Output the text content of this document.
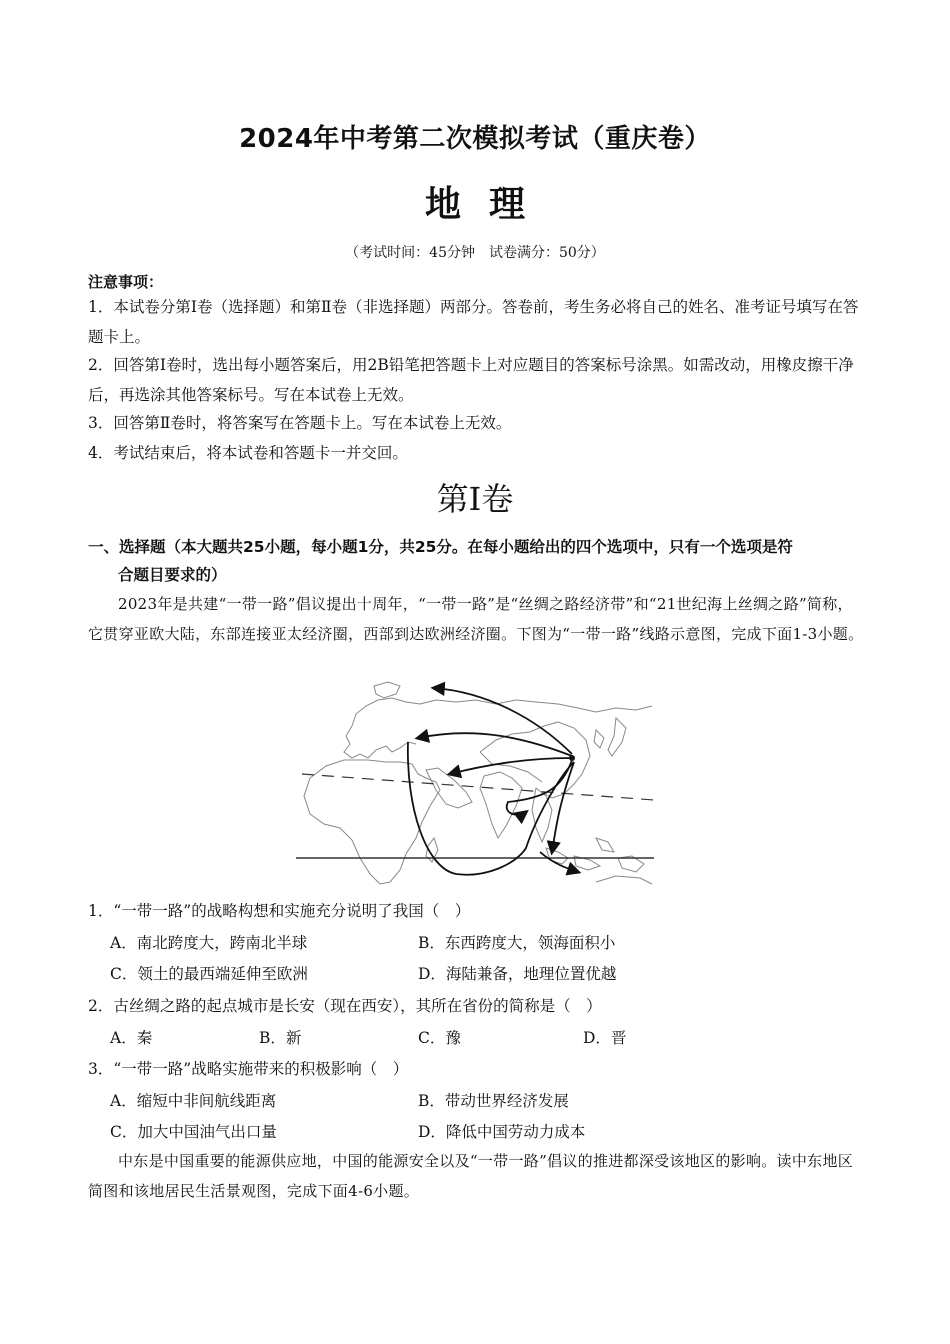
2024年中考第二次模拟考试（重庆卷）
地理
（考试时间：45分钟　试卷满分：50分）
注意事项：
1．本试卷分第Ⅰ卷（选择题）和第Ⅱ卷（非选择题）两部分。答卷前，考生务必将自己的姓名、准考证号填写在答题卡上。
2．回答第Ⅰ卷时，选出每小题答案后，用2B铅笔把答题卡上对应题目的答案标号涂黑。如需改动，用橡皮擦干净后，再选涂其他答案标号。写在本试卷上无效。
3．回答第Ⅱ卷时，将答案写在答题卡上。写在本试卷上无效。
4．考试结束后，将本试卷和答题卡一并交回。
第Ⅰ卷
一、选择题（本大题共25小题，每小题1分，共25分。在每小题给出的四个选项中，只有一个选项是符
合题目要求的）
2023年是共建“一带一路”倡议提出十周年，“一带一路”是“丝绸之路经济带”和“21世纪海上丝绸之路”简称，它贯穿亚欧大陆，东部连接亚太经济圈，西部到达欧洲经济圈。下图为“一带一路”线路示意图，完成下面1-3小题。
1．“一带一路”的战略构想和实施充分说明了我国（　）
A．南北跨度大，跨南北半球	B．东西跨度大，领海面积小
C．领土的最西端延伸至欧洲	D．海陆兼备，地理位置优越
2．古丝绸之路的起点城市是长安（现在西安），其所在省份的简称是（　）
A．秦	B．新	C．豫	D．晋
3．“一带一路”战略实施带来的积极影响（　）
A．缩短中非间航线距离	B．带动世界经济发展
C．加大中国油气出口量	D．降低中国劳动力成本
中东是中国重要的能源供应地，中国的能源安全以及“一带一路”倡议的推进都深受该地区的影响。读中东地区简图和该地居民生活景观图，完成下面4-6小题。
